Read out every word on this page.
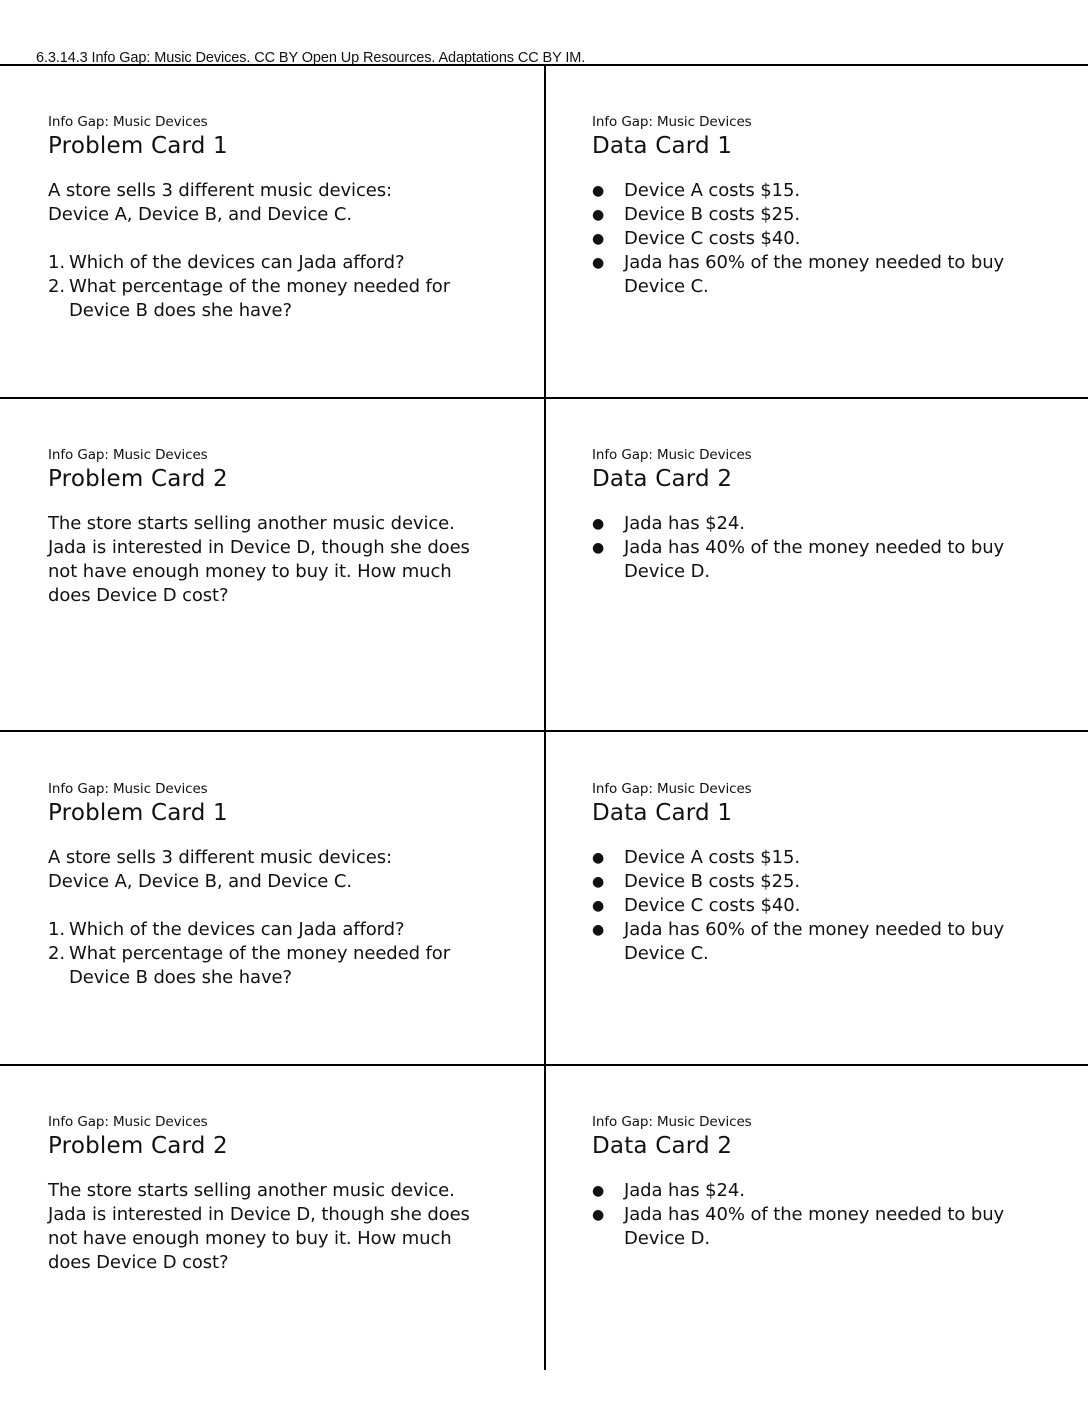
6.3.14.3 Info Gap: Music Devices. CC BY Open Up Resources. Adaptations CC BY IM.

Info Gap: Music Devices

Problem Card 1

A store sells 3 different music devices:

Device A, Device B, and Device C.

1. Which of the devices can Jada afford?
2. What percentage of the money needed for Device B does she have?

Info Gap: Music Devices

Data Card 1
● Device A costs $15.
● Device B costs $25.
● Device C costs $40.
● Jada has 60% of the money needed to buy Device C.

Info Gap: Music Devices

Problem Card 2

The store starts selling another music device. Jada is interested in Device D, though she does not have enough money to buy it. How much does Device D cost?

Info Gap: Music Devices

Data Card 2
● Jada has $24.
● Jada has 40% of the money needed to buy Device D.

Info Gap: Music Devices

Problem Card 1

A store sells 3 different music devices:

Device A, Device B, and Device C.

1. Which of the devices can Jada afford?
2. What percentage of the money needed for Device B does she have?

Info Gap: Music Devices

Data Card 1
● Device A costs $15.
● Device B costs $25.
● Device C costs $40.
● Jada has 60% of the money needed to buy Device C.

Info Gap: Music Devices

Problem Card 2

The store starts selling another music device. Jada is interested in Device D, though she does not have enough money to buy it. How much does Device D cost?

Info Gap: Music Devices

Data Card 2
● Jada has $24.
● Jada has 40% of the money needed to buy Device D.
